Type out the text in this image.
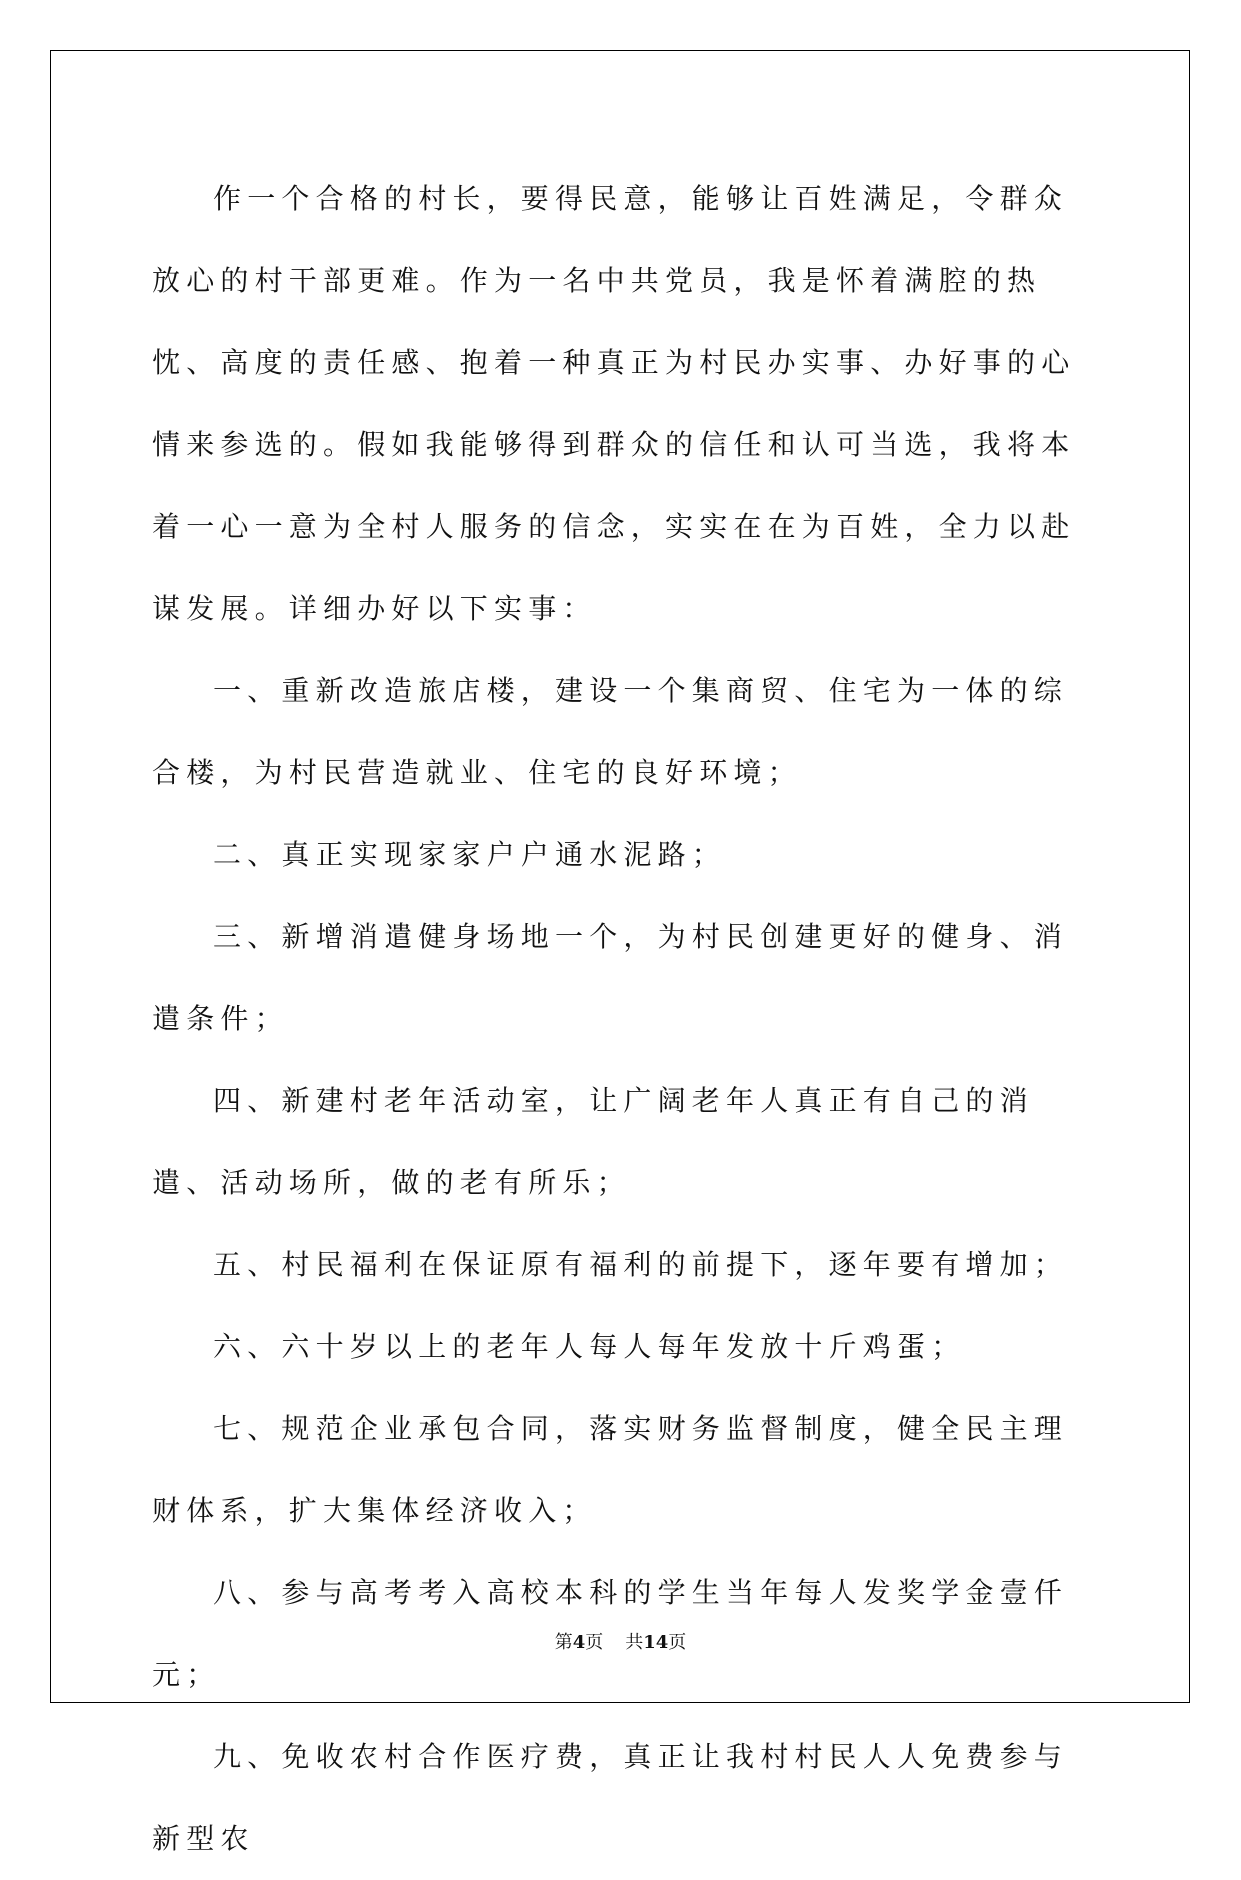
作一个合格的村长，要得民意，能够让百姓满足，令群众放心的村干部更难。作为一名中共党员，我是怀着满腔的热忱、高度的责任感、抱着一种真正为村民办实事、办好事的心情来参选的。假如我能够得到群众的信任和认可当选，我将本着一心一意为全村人服务的信念，实实在在为百姓，全力以赴谋发展。详细办好以下实事：

一、重新改造旅店楼，建设一个集商贸、住宅为一体的综合楼，为村民营造就业、住宅的良好环境；

二、真正实现家家户户通水泥路；

三、新增消遣健身场地一个，为村民创建更好的健身、消遣条件；

四、新建村老年活动室，让广阔老年人真正有自己的消遣、活动场所，做的老有所乐；

五、村民福利在保证原有福利的前提下，逐年要有增加；

六、六十岁以上的老年人每人每年发放十斤鸡蛋；

七、规范企业承包合同，落实财务监督制度，健全民主理财体系，扩大集体经济收入；

八、参与高考考入高校本科的学生当年每人发奖学金壹仟元；

九、免收农村合作医疗费，真正让我村村民人人免费参与新型农

第4页 共14页
